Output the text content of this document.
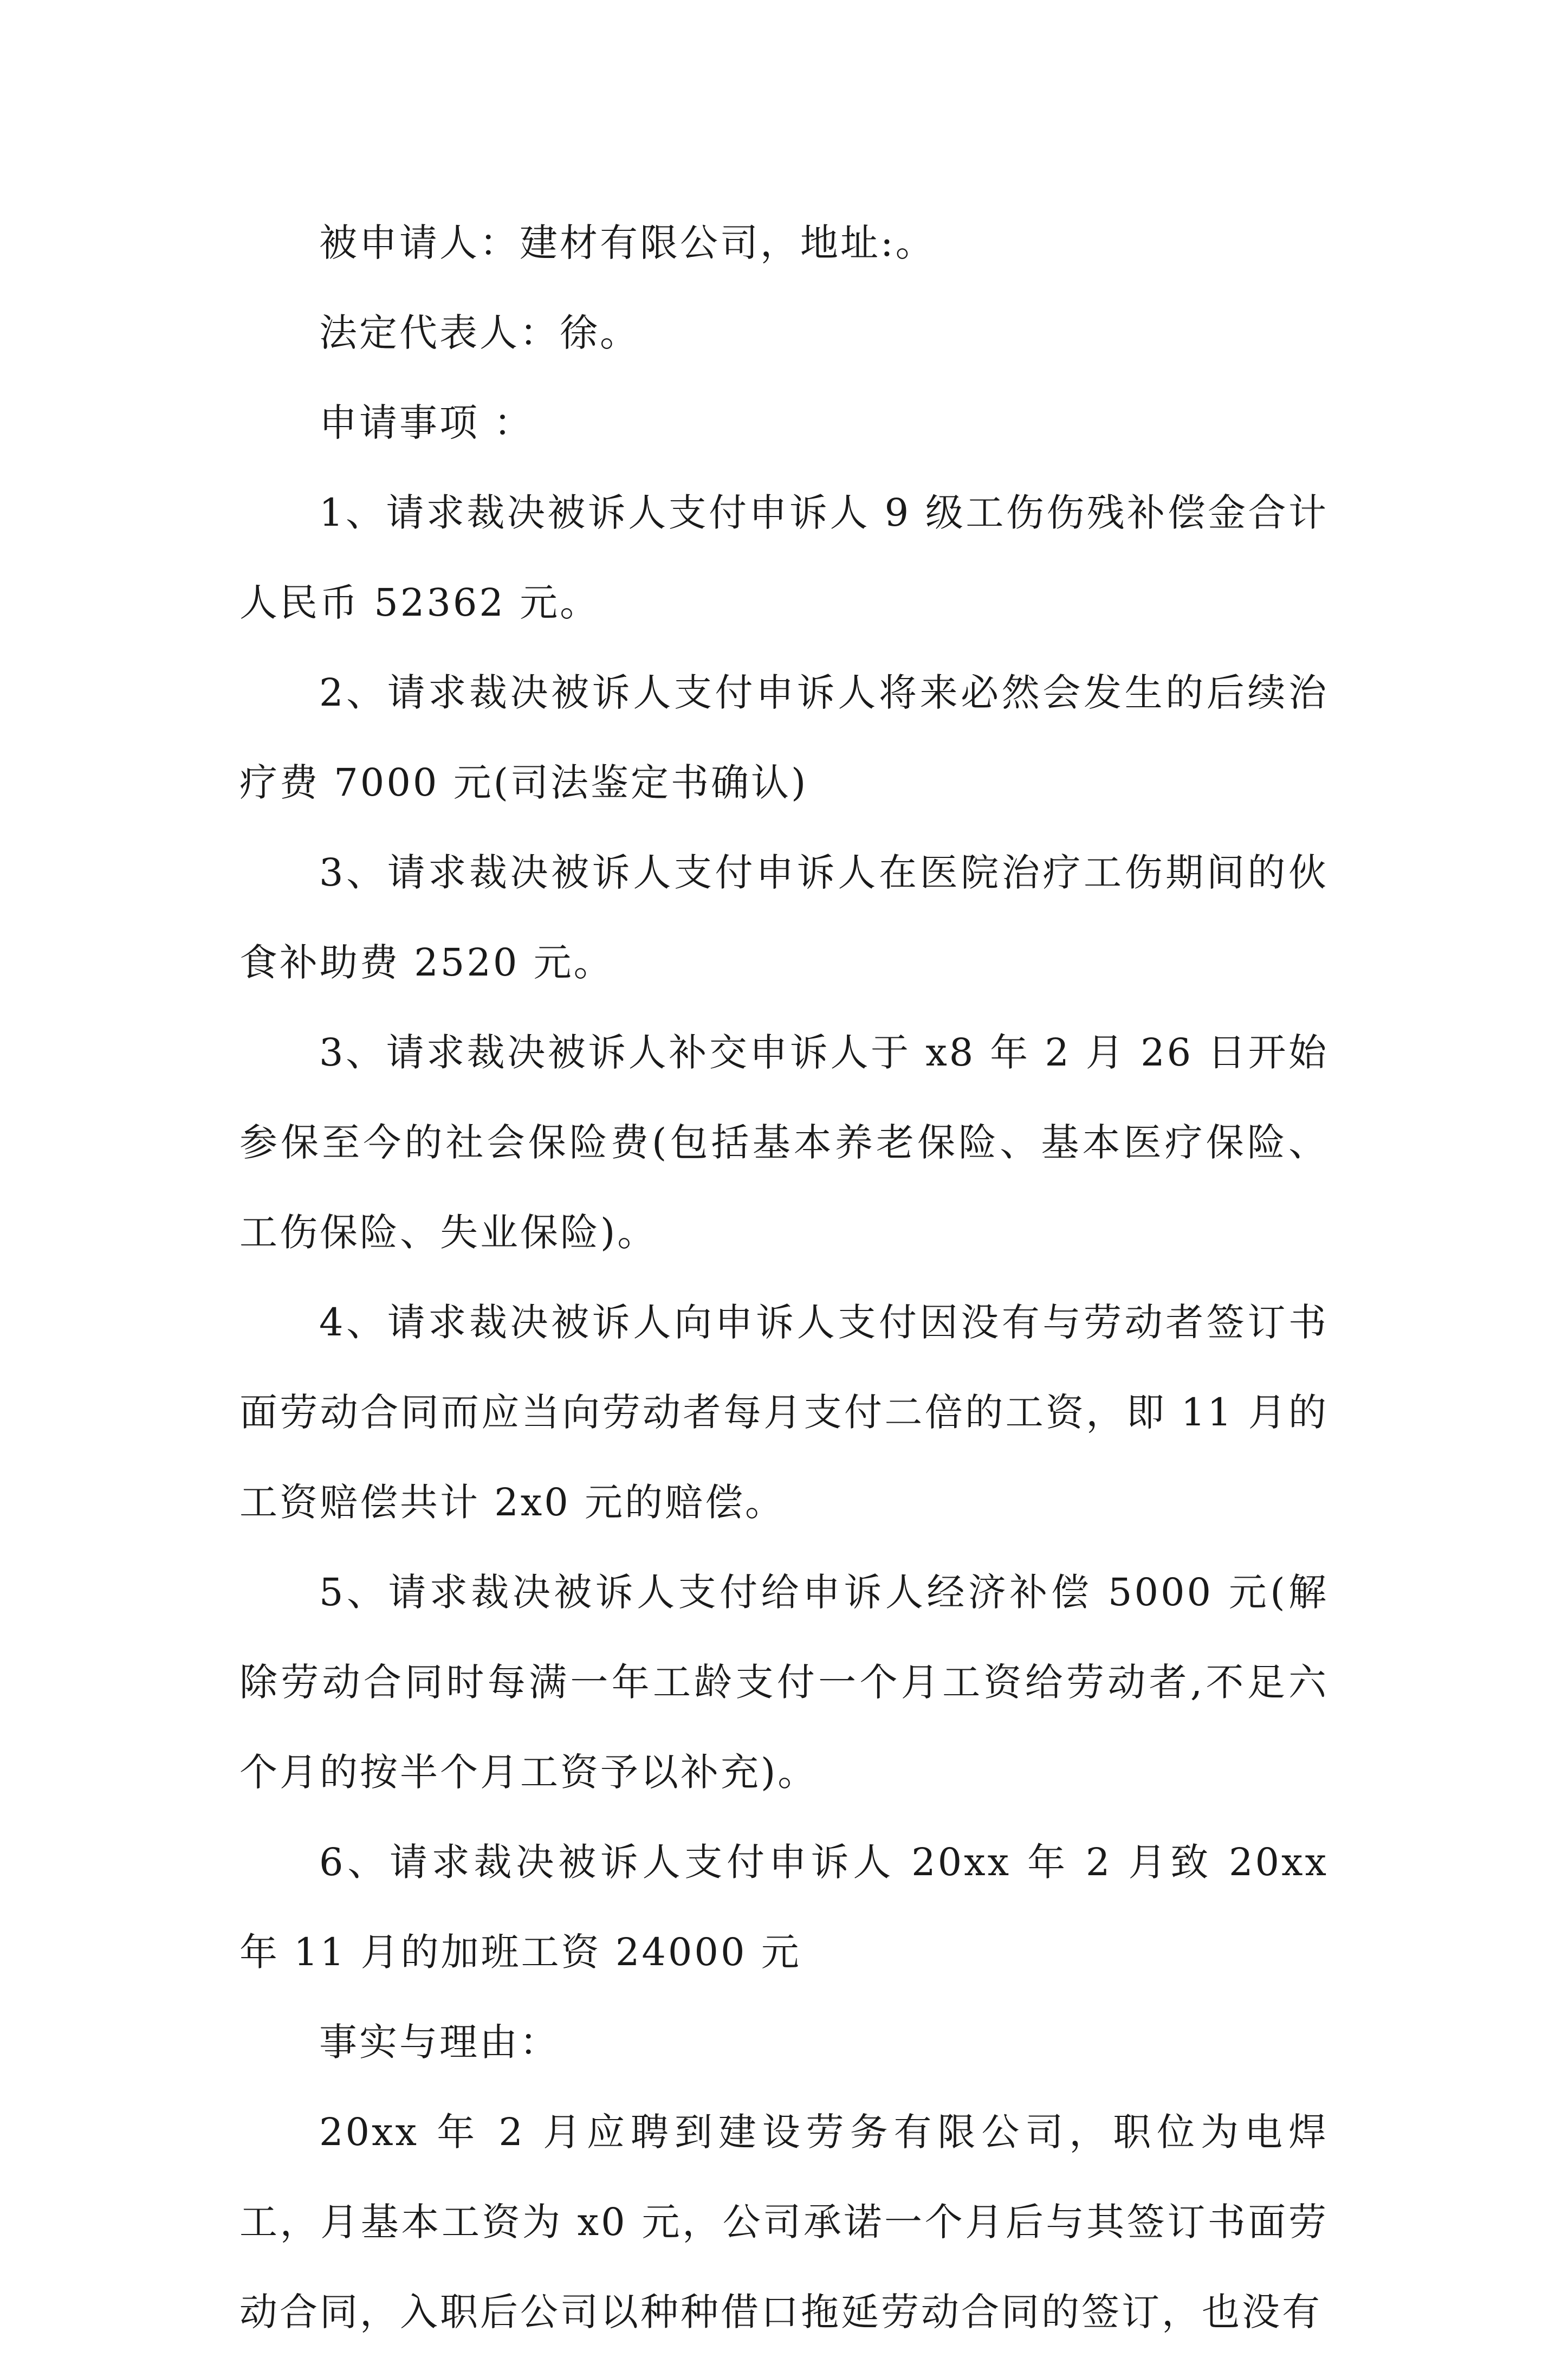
被申请人：建材有限公司，地址:。

法定代表人：徐。

申请事项 ：

1、请求裁决被诉人支付申诉人 9 级工伤伤残补偿金合计人民币 52362 元。

2、请求裁决被诉人支付申诉人将来必然会发生的后续治疗费 7000 元(司法鉴定书确认)

3、请求裁决被诉人支付申诉人在医院治疗工伤期间的伙食补助费 2520 元。

3、请求裁决被诉人补交申诉人于 x8 年 2 月 26 日开始参保至今的社会保险费(包括基本养老保险、基本医疗保险、工伤保险、失业保险)。

4、请求裁决被诉人向申诉人支付因没有与劳动者签订书面劳动合同而应当向劳动者每月支付二倍的工资，即 11 月的工资赔偿共计 2x0 元的赔偿。

5、请求裁决被诉人支付给申诉人经济补偿 5000 元(解除劳动合同时每满一年工龄支付一个月工资给劳动者,不足六个月的按半个月工资予以补充)。

6、请求裁决被诉人支付申诉人 20xx 年 2 月致 20xx 年 11 月的加班工资 24000 元

事实与理由：

20xx 年 2 月应聘到建设劳务有限公司，职位为电焊工，月基本工资为 x0 元，公司承诺一个月后与其签订书面劳动合同，入职后公司以种种借口拖延劳动合同的签订，也没有
